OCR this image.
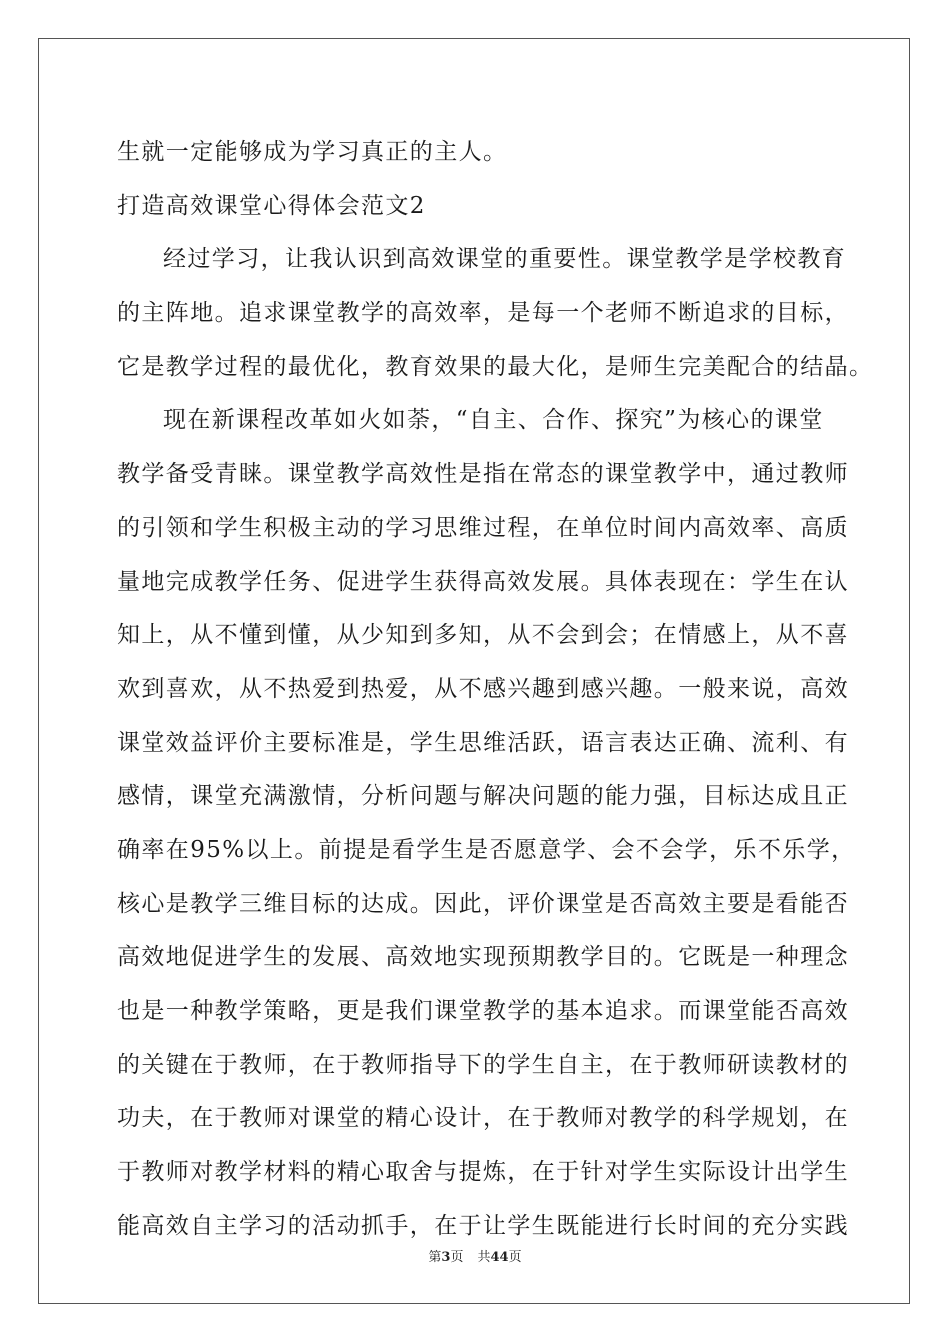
生就一定能够成为学习真正的主人。
打造高效课堂心得体会范文2
经过学习，让我认识到高效课堂的重要性。课堂教学是学校教育
的主阵地。追求课堂教学的高效率，是每一个老师不断追求的目标，
它是教学过程的最优化，教育效果的最大化，是师生完美配合的结晶。
现在新课程改革如火如荼，“自主、合作、探究”为核心的课堂
教学备受青睐。课堂教学高效性是指在常态的课堂教学中，通过教师
的引领和学生积极主动的学习思维过程，在单位时间内高效率、高质
量地完成教学任务、促进学生获得高效发展。具体表现在：学生在认
知上，从不懂到懂，从少知到多知，从不会到会；在情感上，从不喜
欢到喜欢，从不热爱到热爱，从不感兴趣到感兴趣。一般来说，高效
课堂效益评价主要标准是，学生思维活跃，语言表达正确、流利、有
感情，课堂充满激情，分析问题与解决问题的能力强，目标达成且正
确率在95%以上。前提是看学生是否愿意学、会不会学，乐不乐学，
核心是教学三维目标的达成。因此，评价课堂是否高效主要是看能否
高效地促进学生的发展、高效地实现预期教学目的。它既是一种理念
也是一种教学策略，更是我们课堂教学的基本追求。而课堂能否高效
的关键在于教师，在于教师指导下的学生自主，在于教师研读教材的
功夫，在于教师对课堂的精心设计，在于教师对教学的科学规划，在
于教师对教学材料的精心取舍与提炼，在于针对学生实际设计出学生
能高效自主学习的活动抓手，在于让学生既能进行长时间的充分实践
第3页 共44页
